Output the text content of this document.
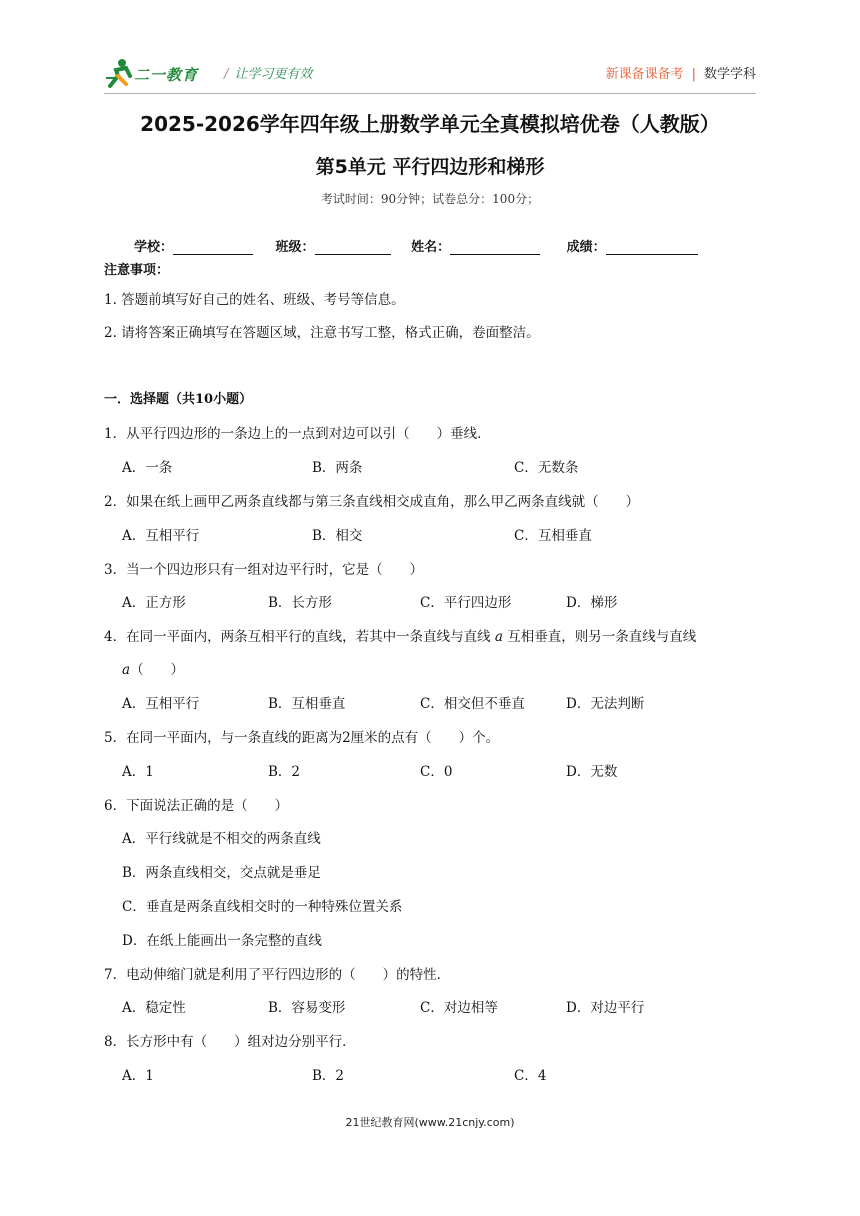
二一教育 / 让学习更有效	新课备课备考 | 数学学科
2025-2026学年四年级上册数学单元全真模拟培优卷（人教版）
第5单元 平行四边形和梯形
考试时间：90分钟；试卷总分：100分；
学校：	班级：	姓名：	成绩：
注意事项：
1. 答题前填写好自己的姓名、班级、考号等信息。
2. 请将答案正确填写在答题区域，注意书写工整，格式正确，卷面整洁。
一．选择题（共10小题）
1．从平行四边形的一条边上的一点到对边可以引（　　）垂线．
A．一条	B．两条	C．无数条
2．如果在纸上画甲乙两条直线都与第三条直线相交成直角，那么甲乙两条直线就（　　）
A．互相平行	B．相交	C．互相垂直
3．当一个四边形只有一组对边平行时，它是（　　）
A．正方形	B．长方形	C．平行四边形	D．梯形
4．在同一平面内，两条互相平行的直线，若其中一条直线与直线 a 互相垂直，则另一条直线与直线
a（　　）
A．互相平行	B．互相垂直	C．相交但不垂直	D．无法判断
5．在同一平面内，与一条直线的距离为2厘米的点有（　　）个。
A．1	B．2	C．0	D．无数
6．下面说法正确的是（　　）
A．平行线就是不相交的两条直线
B．两条直线相交，交点就是垂足
C．垂直是两条直线相交时的一种特殊位置关系
D．在纸上能画出一条完整的直线
7．电动伸缩门就是利用了平行四边形的（　　）的特性．
A．稳定性	B．容易变形	C．对边相等	D．对边平行
8．长方形中有（　　）组对边分别平行．
A．1	B．2	C．4
21世纪教育网(www.21cnjy.com)
